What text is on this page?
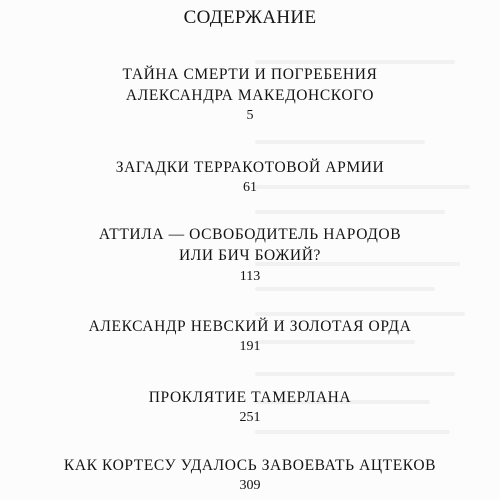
СОДЕРЖАНИЕ
ТАЙНА СМЕРТИ И ПОГРЕБЕНИЯ
АЛЕКСАНДРА МАКЕДОНСКОГО
5
ЗАГАДКИ ТЕРРАКОТОВОЙ АРМИИ
61
АТТИЛА — ОСВОБОДИТЕЛЬ НАРОДОВ
ИЛИ БИЧ БОЖИЙ?
113
АЛЕКСАНДР НЕВСКИЙ И ЗОЛОТАЯ ОРДА
191
ПРОКЛЯТИЕ ТАМЕРЛАНА
251
КАК КОРТЕСУ УДАЛОСЬ ЗАВОЕВАТЬ АЦТЕКОВ
309
